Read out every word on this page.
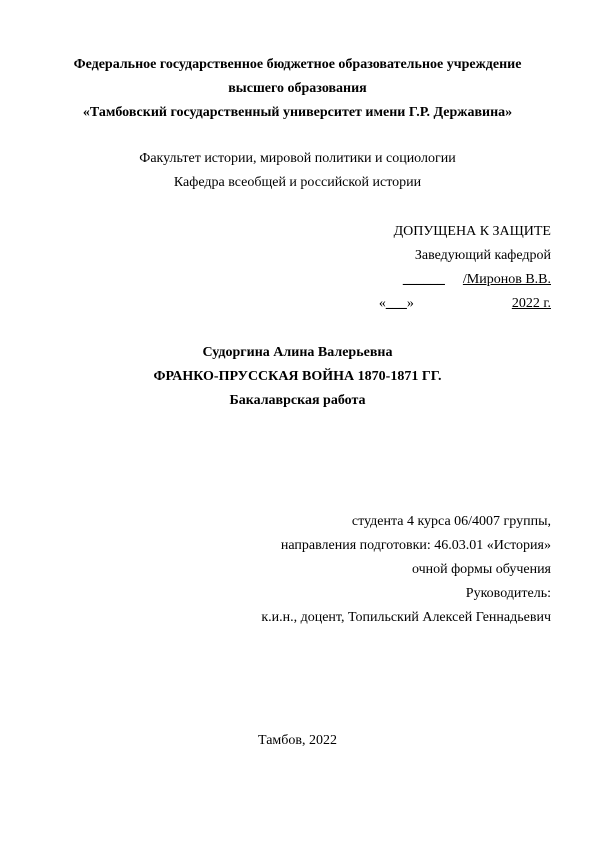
Федеральное государственное бюджетное образовательное учреждение
высшего образования
«Тамбовский государственный университет имени Г.Р. Державина»
Факультет истории, мировой политики и социологии
Кафедра всеобщей и российской истории
ДОПУЩЕНА К ЗАЩИТЕ
Заведующий кафедрой
______ /Миронов В.В.
«___»	2022 г.
Судоргина Алина Валерьевна
ФРАНКО-ПРУССКАЯ ВОЙНА 1870-1871 ГГ.
Бакалаврская работа
студента 4 курса 06/4007 группы,
направления подготовки: 46.03.01 «История»
очной формы обучения
Руководитель:
к.и.н., доцент, Топильский Алексей Геннадьевич
Тамбов, 2022
